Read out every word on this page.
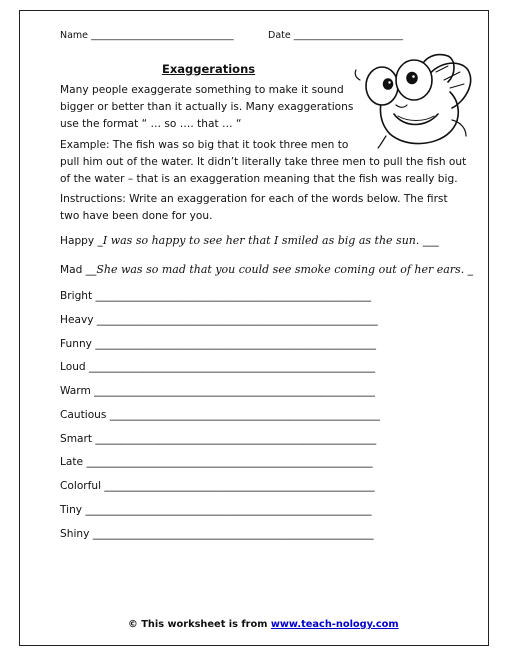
Name ______________________________	Date _______________________
Exaggerations
Many people exaggerate something to make it sound
bigger or better than it actually is. Many exaggerations
use the format “ … so …. that … “
Example: The fish was so big that it took three men to
pull him out of the water. It didn’t literally take three men to pull the fish out
of the water – that is an exaggeration meaning that the fish was really big.
Instructions: Write an exaggeration for each of the words below. The first
two have been done for you.
Happy _I was so happy to see her that I smiled as big as the sun. ___
Mad __She was so mad that you could see smoke coming out of her ears. _
Bright ____________________________________________________
Heavy _____________________________________________________
Funny _____________________________________________________
Loud ______________________________________________________
Warm _____________________________________________________
Cautious ___________________________________________________
Smart _____________________________________________________
Late ______________________________________________________
Colorful ___________________________________________________
Tiny ______________________________________________________
Shiny _____________________________________________________
© This worksheet is from www.teach-nology.com
